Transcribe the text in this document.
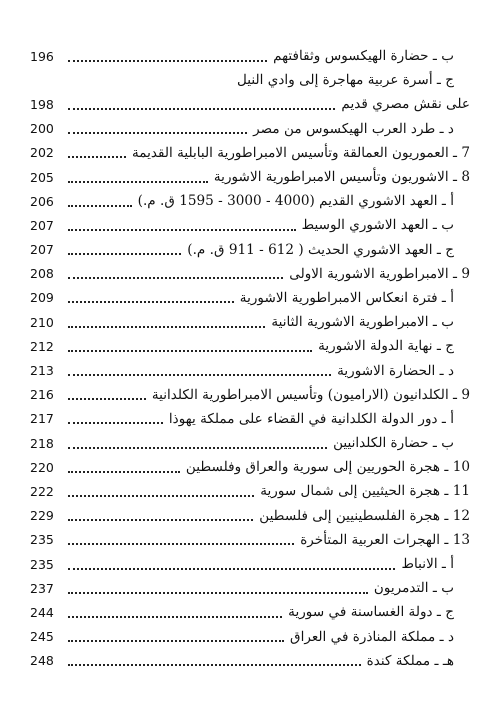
ب ـ حضارة الهيكسوس وثقافتهم
196
ج ـ أسرة عربية مهاجرة إلى وادي النيل
على نقش مصري قديم
198
د ـ طرد العرب الهيكسوس من مصر
200
7 ـ العموريون العمالقة وتأسيس الامبراطورية البابلية القديمة
202
8 ـ الاشوريون وتأسيس الامبراطورية الاشورية
205
أ ـ العهد الاشوري القديم (4000 - 3000 - 1595 ق. م.)
206
ب ـ العهد الاشوري الوسيط
207
ج ـ العهد الاشوري الحديث ( 612 - 911 ق. م.)
207
9 ـ الامبراطورية الاشورية الاولى
208
أ ـ فترة انعكاس الامبراطورية الاشورية
209
ب ـ الامبراطورية الاشورية الثانية
210
ج ـ نهاية الدولة الاشورية
212
د ـ الحضارة الاشورية
213
9 ـ الكلدانيون (الاراميون) وتأسيس الامبراطورية الكلدانية
216
أ ـ دور الدولة الكلدانية في القضاء على مملكة يهوذا
217
ب ـ حضارة الكلدانيين
218
10 ـ هجرة الحوريين إلى سورية والعراق وفلسطين
220
11 ـ هجرة الحيثيين إلى شمال سورية
222
12 ـ هجرة الفلسطينيين إلى فلسطين
229
13 ـ الهجرات العربية المتأخرة
235
أ ـ الانباط
235
ب ـ التدمريون
237
ج ـ دولة الغساسنة في سورية
244
د ـ مملكة المناذرة في العراق
245
هـ ـ مملكة كندة
248
